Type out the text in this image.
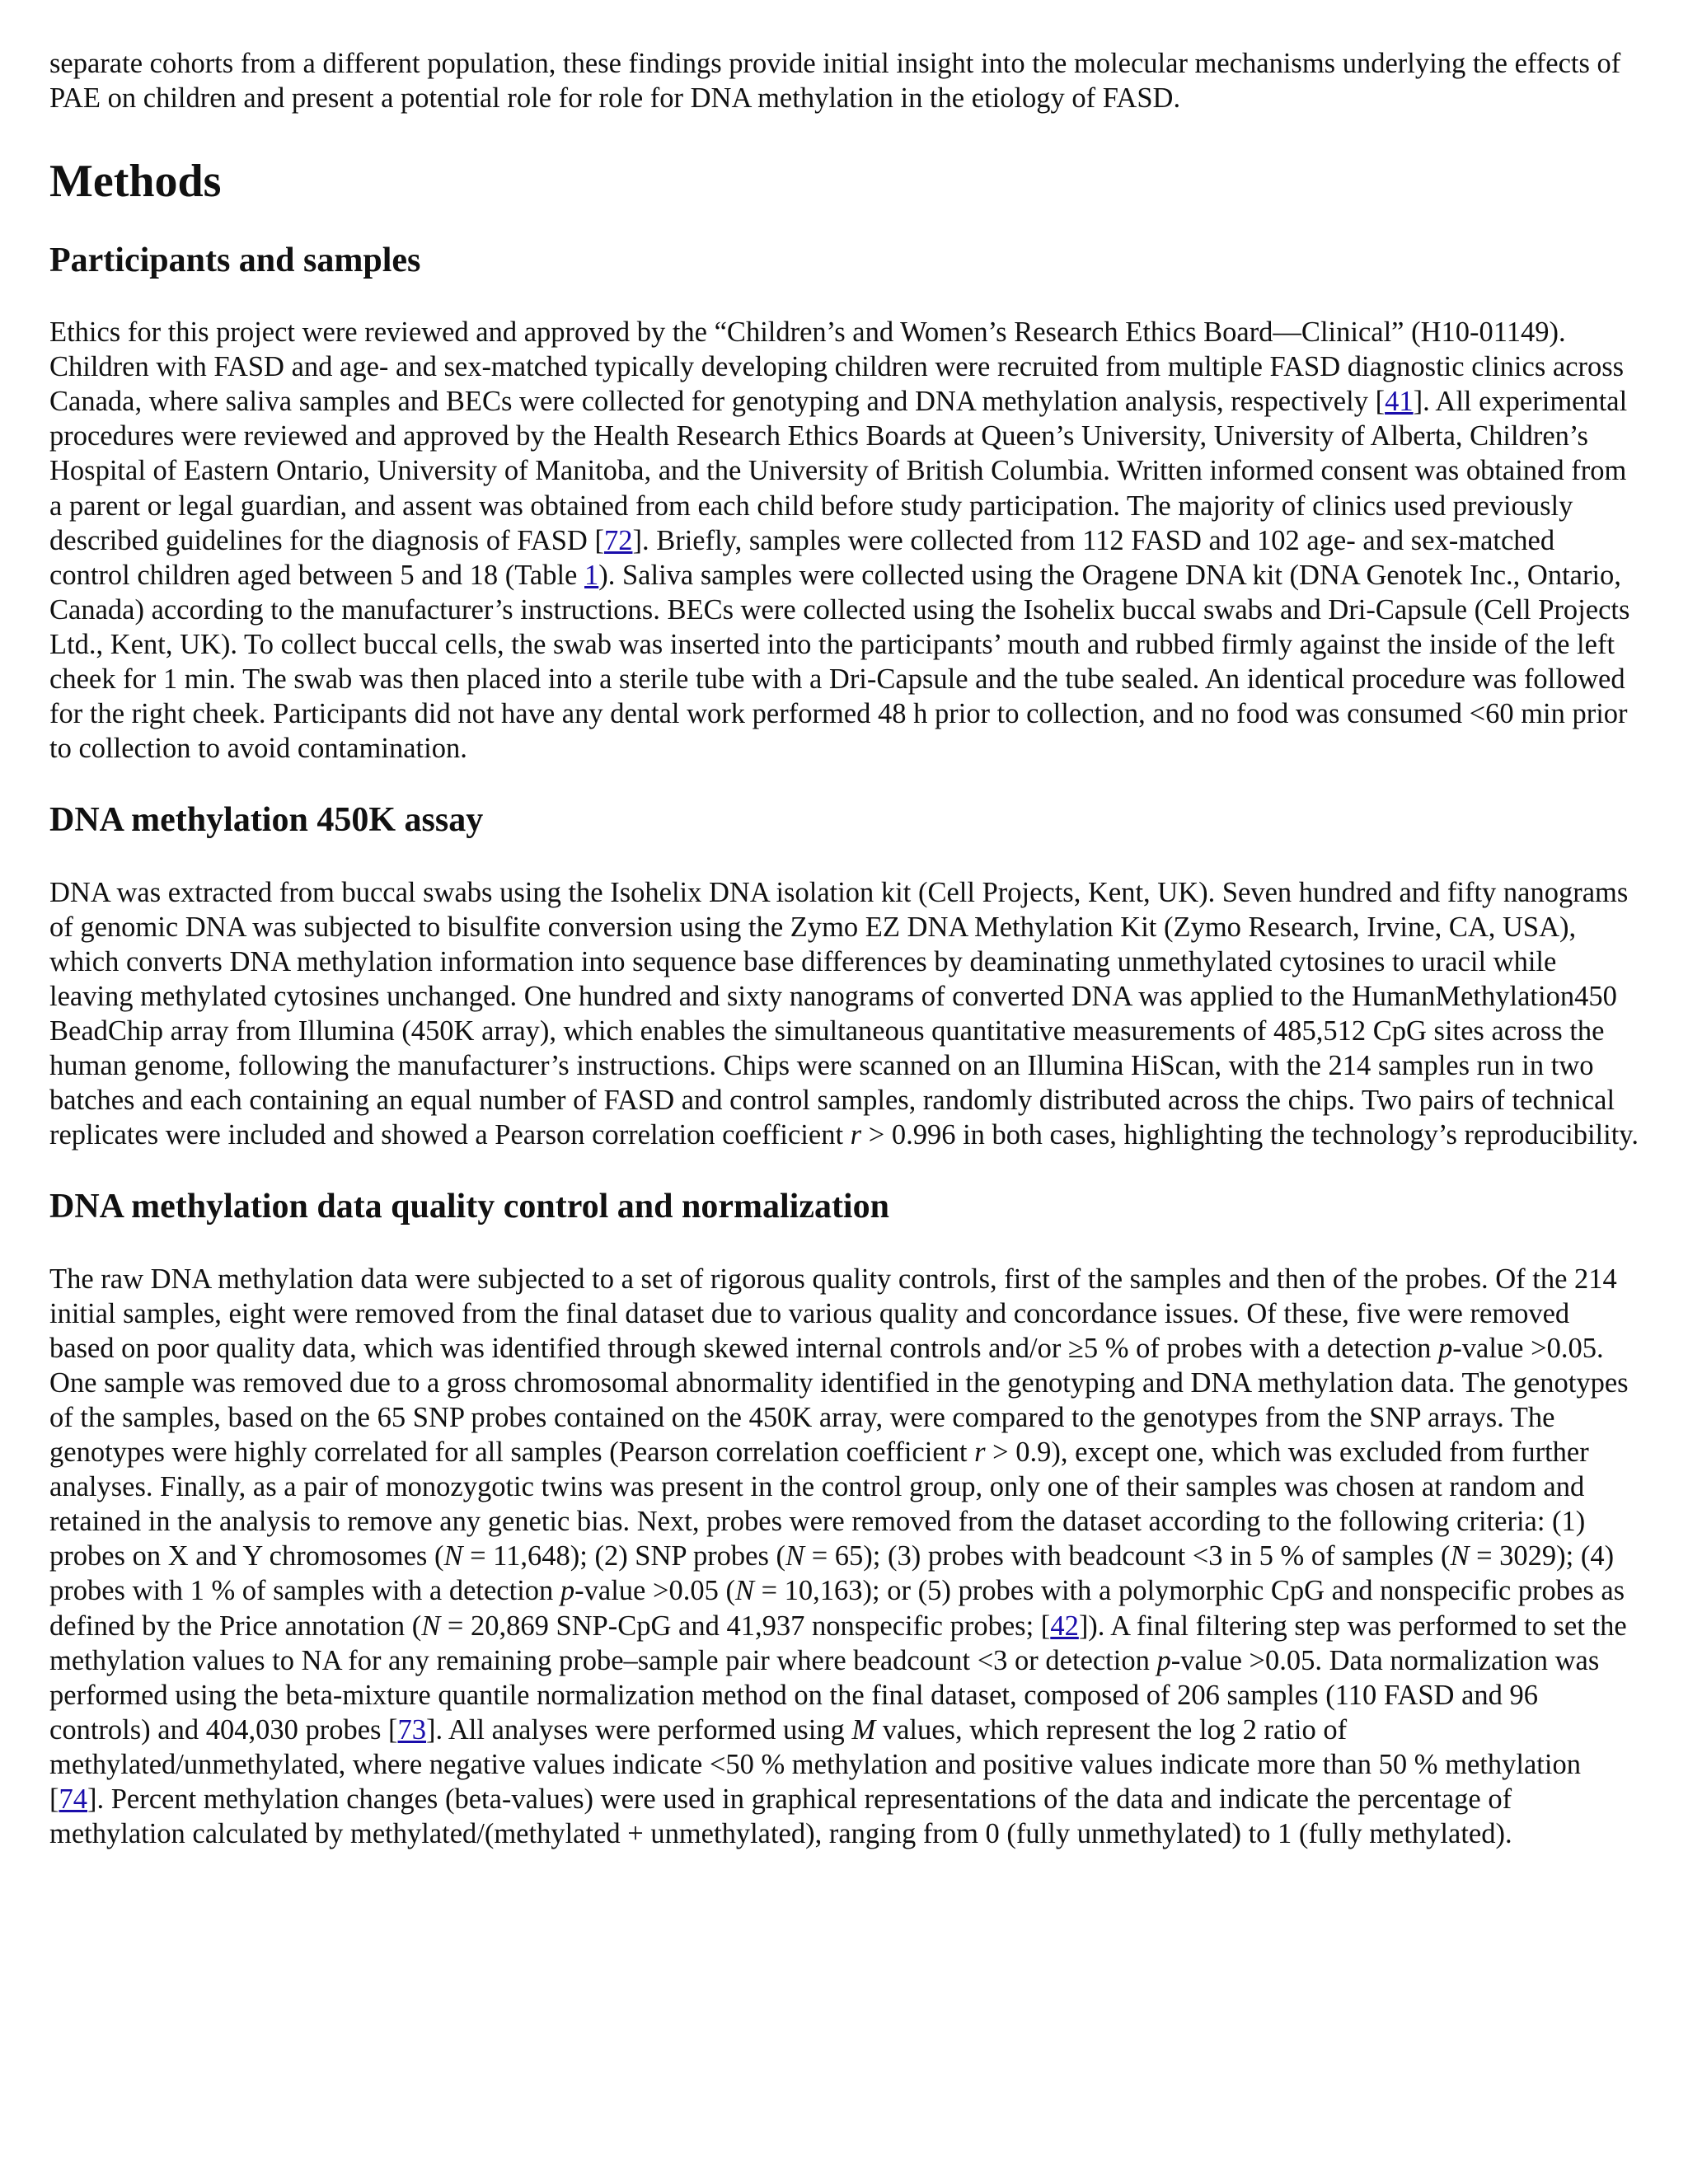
separate cohorts from a different population, these findings provide initial insight into the molecular mechanisms underlying the effects of PAE on children and present a potential role for role for DNA methylation in the etiology of FASD.

Methods
Participants and samples

Ethics for this project were reviewed and approved by the “Children’s and Women’s Research Ethics Board—Clinical” (H10-01149). Children with FASD and age- and sex-matched typically developing children were recruited from multiple FASD diagnostic clinics across Canada, where saliva samples and BECs were collected for genotyping and DNA methylation analysis, respectively [41]. All experimental procedures were reviewed and approved by the Health Research Ethics Boards at Queen’s University, University of Alberta, Children’s Hospital of Eastern Ontario, University of Manitoba, and the University of British Columbia. Written informed consent was obtained from a parent or legal guardian, and assent was obtained from each child before study participation. The majority of clinics used previously described guidelines for the diagnosis of FASD [72]. Briefly, samples were collected from 112 FASD and 102 age- and sex-matched control children aged between 5 and 18 (Table 1). Saliva samples were collected using the Oragene DNA kit (DNA Genotek Inc., Ontario, Canada) according to the manufacturer’s instructions. BECs were collected using the Isohelix buccal swabs and Dri-Capsule (Cell Projects Ltd., Kent, UK). To collect buccal cells, the swab was inserted into the participants’ mouth and rubbed firmly against the inside of the left cheek for 1 min. The swab was then placed into a sterile tube with a Dri-Capsule and the tube sealed. An identical procedure was followed for the right cheek. Participants did not have any dental work performed 48 h prior to collection, and no food was consumed <60 min prior to collection to avoid contamination.

DNA methylation 450K assay

DNA was extracted from buccal swabs using the Isohelix DNA isolation kit (Cell Projects, Kent, UK). Seven hundred and fifty nanograms of genomic DNA was subjected to bisulfite conversion using the Zymo EZ DNA Methylation Kit (Zymo Research, Irvine, CA, USA), which converts DNA methylation information into sequence base differences by deaminating unmethylated cytosines to uracil while leaving methylated cytosines unchanged. One hundred and sixty nanograms of converted DNA was applied to the HumanMethylation450 BeadChip array from Illumina (450K array), which enables the simultaneous quantitative measurements of 485,512 CpG sites across the human genome, following the manufacturer’s instructions. Chips were scanned on an Illumina HiScan, with the 214 samples run in two batches and each containing an equal number of FASD and control samples, randomly distributed across the chips. Two pairs of technical replicates were included and showed a Pearson correlation coefficient r > 0.996 in both cases, highlighting the technology’s reproducibility.

DNA methylation data quality control and normalization

The raw DNA methylation data were subjected to a set of rigorous quality controls, first of the samples and then of the probes. Of the 214 initial samples, eight were removed from the final dataset due to various quality and concordance issues. Of these, five were removed based on poor quality data, which was identified through skewed internal controls and/or ≥5 % of probes with a detection p-value >0.05. One sample was removed due to a gross chromosomal abnormality identified in the genotyping and DNA methylation data. The genotypes of the samples, based on the 65 SNP probes contained on the 450K array, were compared to the genotypes from the SNP arrays. The genotypes were highly correlated for all samples (Pearson correlation coefficient r > 0.9), except one, which was excluded from further analyses. Finally, as a pair of monozygotic twins was present in the control group, only one of their samples was chosen at random and retained in the analysis to remove any genetic bias. Next, probes were removed from the dataset according to the following criteria: (1) probes on X and Y chromosomes (N = 11,648); (2) SNP probes (N = 65); (3) probes with beadcount <3 in 5 % of samples (N = 3029); (4) probes with 1 % of samples with a detection p-value >0.05 (N = 10,163); or (5) probes with a polymorphic CpG and nonspecific probes as defined by the Price annotation (N = 20,869 SNP-CpG and 41,937 nonspecific probes; [42]). A final filtering step was performed to set the methylation values to NA for any remaining probe–sample pair where beadcount <3 or detection p-value >0.05. Data normalization was performed using the beta-mixture quantile normalization method on the final dataset, composed of 206 samples (110 FASD and 96 controls) and 404,030 probes [73]. All analyses were performed using M values, which represent the log 2 ratio of methylated/unmethylated, where negative values indicate <50 % methylation and positive values indicate more than 50 % methylation [74]. Percent methylation changes (beta-values) were used in graphical representations of the data and indicate the percentage of methylation calculated by methylated/(methylated + unmethylated), ranging from 0 (fully unmethylated) to 1 (fully methylated).
